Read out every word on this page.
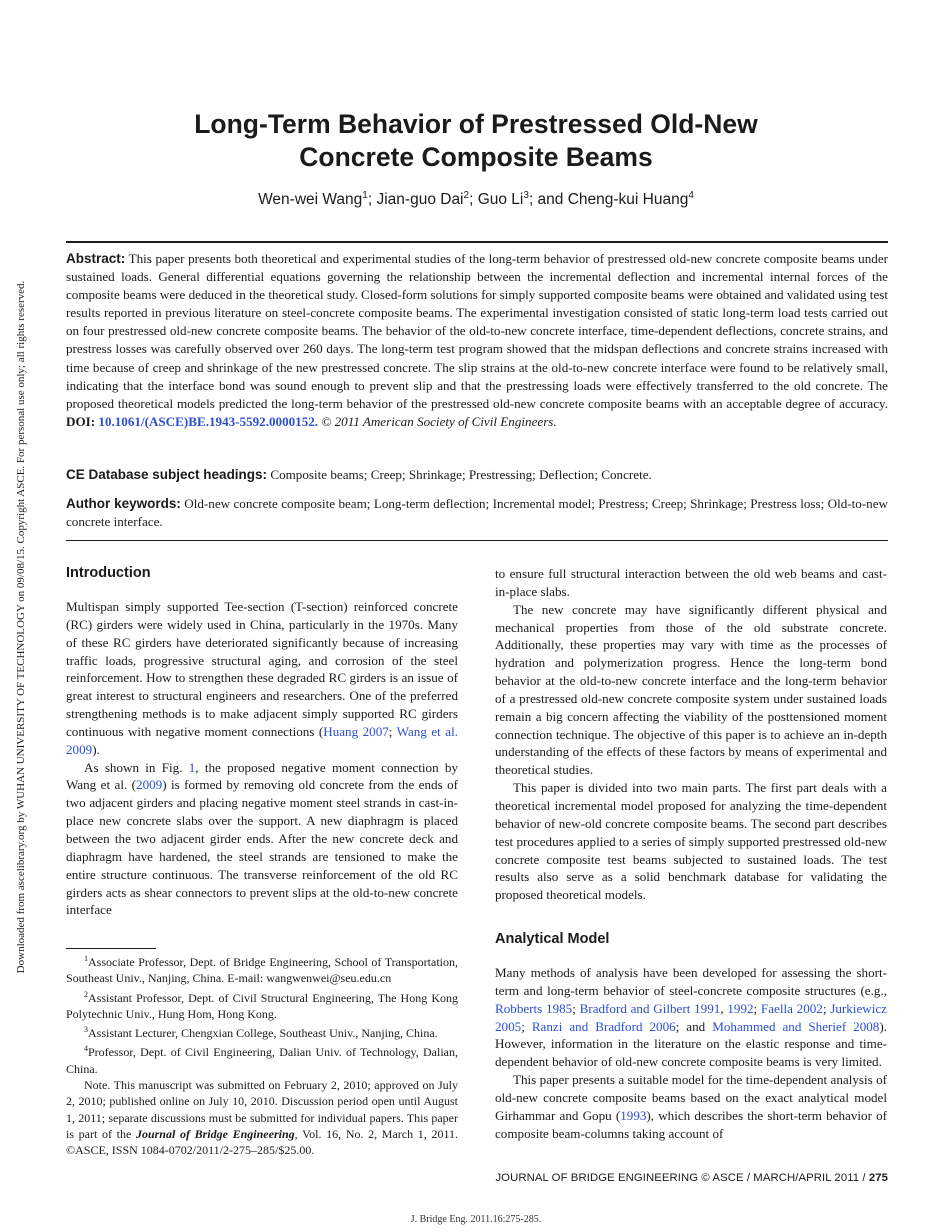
Downloaded from ascelibrary.org by WUHAN UNIVERSITY OF TECHNOLOGY on 09/08/15. Copyright ASCE. For personal use only; all rights reserved.
Long-Term Behavior of Prestressed Old-New
Concrete Composite Beams
Wen-wei Wang$^1$; Jian-guo Dai$^2$; Guo Li$^3$; and Cheng-kui Huang$^4$
Abstract: This paper presents both theoretical and experimental studies of the long-term behavior of prestressed old-new concrete composite beams under sustained loads. General differential equations governing the relationship between the incremental deflection and incremental internal forces of the composite beams were deduced in the theoretical study. Closed-form solutions for simply supported composite beams were obtained and validated using test results reported in previous literature on steel-concrete composite beams. The experimental investigation consisted of static long-term load tests carried out on four prestressed old-new concrete composite beams. The behavior of the old-to-new concrete interface, time-dependent deflections, concrete strains, and prestress losses was carefully observed over 260 days. The long-term test program showed that the midspan deflections and concrete strains increased with time because of creep and shrinkage of the new prestressed concrete. The slip strains at the old-to-new concrete interface were found to be relatively small, indicating that the interface bond was sound enough to prevent slip and that the prestressing loads were effectively transferred to the old concrete. The proposed theoretical models predicted the long-term behavior of the prestressed old-new concrete composite beams with an acceptable degree of accuracy. DOI: 10.1061/(ASCE)BE.1943-5592.0000152. © 2011 American Society of Civil Engineers.
CE Database subject headings: Composite beams; Creep; Shrinkage; Prestressing; Deflection; Concrete.
Author keywords: Old-new concrete composite beam; Long-term deflection; Incremental model; Prestress; Creep; Shrinkage; Prestress loss; Old-to-new concrete interface.
Introduction

Multispan simply supported Tee-section (T-section) reinforced concrete (RC) girders were widely used in China, particularly in the 1970s. Many of these RC girders have deteriorated significantly because of increasing traffic loads, progressive structural aging, and corrosion of the steel reinforcement. How to strengthen these degraded RC girders is an issue of great interest to structural engineers and researchers. One of the preferred strengthening methods is to make adjacent simply supported RC girders continuous with negative moment connections (Huang 2007; Wang et al. 2009).

As shown in Fig. 1, the proposed negative moment connection by Wang et al. (2009) is formed by removing old concrete from the ends of two adjacent girders and placing negative moment steel strands in cast-in-place new concrete slabs over the support. A new diaphragm is placed between the two adjacent girder ends. After the new concrete deck and diaphragm have hardened, the steel strands are tensioned to make the entire structure continuous. The transverse reinforcement of the old RC girders acts as shear connectors to prevent slips at the old-to-new concrete interface

$^1$Associate Professor, Dept. of Bridge Engineering, School of Transportation, Southeast Univ., Nanjing, China. E-mail: wangwenwei@seu.edu.cn

$^2$Assistant Professor, Dept. of Civil Structural Engineering, The Hong Kong Polytechnic Univ., Hung Hom, Hong Kong.

$^3$Assistant Lecturer, Chengxian College, Southeast Univ., Nanjing, China.

$^4$Professor, Dept. of Civil Engineering, Dalian Univ. of Technology, Dalian, China.

Note. This manuscript was submitted on February 2, 2010; approved on July 2, 2010; published online on July 10, 2010. Discussion period open until August 1, 2011; separate discussions must be submitted for individual papers. This paper is part of the Journal of Bridge Engineering, Vol. 16, No. 2, March 1, 2011. ©ASCE, ISSN 1084-0702/2011/2-275–285/$25.00.

to ensure full structural interaction between the old web beams and cast-in-place slabs.

The new concrete may have significantly different physical and mechanical properties from those of the old substrate concrete. Additionally, these properties may vary with time as the processes of hydration and polymerization progress. Hence the long-term bond behavior at the old-to-new concrete interface and the long-term behavior of a prestressed old-new concrete composite system under sustained loads remain a big concern affecting the viability of the posttensioned moment connection technique. The objective of this paper is to achieve an in-depth understanding of the effects of these factors by means of experimental and theoretical studies.

This paper is divided into two main parts. The first part deals with a theoretical incremental model proposed for analyzing the time-dependent behavior of new-old concrete composite beams. The second part describes test procedures applied to a series of simply supported prestressed old-new concrete composite test beams subjected to sustained loads. The test results also serve as a solid benchmark database for validating the proposed theoretical models.

Analytical Model

Many methods of analysis have been developed for assessing the short-term and long-term behavior of steel-concrete composite structures (e.g., Robberts 1985; Bradford and Gilbert 1991, 1992; Faella 2002; Jurkiewicz 2005; Ranzi and Bradford 2006; and Mohammed and Sherief 2008). However, information in the literature on the elastic response and time-dependent behavior of old-new concrete composite beams is very limited.

This paper presents a suitable model for the time-dependent analysis of old-new concrete composite beams based on the exact analytical model Girhammar and Gopu (1993), which describes the short-term behavior of composite beam-columns taking account of

JOURNAL OF BRIDGE ENGINEERING © ASCE / MARCH/APRIL 2011 / 275
J. Bridge Eng. 2011.16:275-285.
